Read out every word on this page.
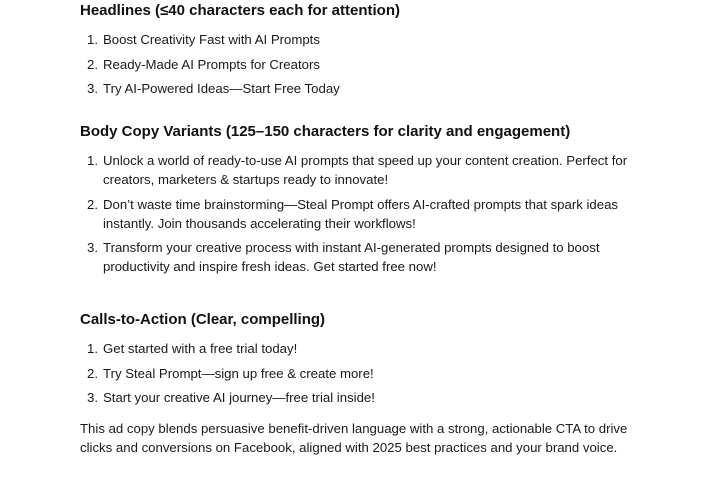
Headlines (≤40 characters each for attention)
Boost Creativity Fast with AI Prompts
Ready-Made AI Prompts for Creators
Try AI-Powered Ideas—Start Free Today
Body Copy Variants (125–150 characters for clarity and engagement)
Unlock a world of ready-to-use AI prompts that speed up your content creation. Perfect for creators, marketers & startups ready to innovate!
Don’t waste time brainstorming—Steal Prompt offers AI-crafted prompts that spark ideas instantly. Join thousands accelerating their workflows!
Transform your creative process with instant AI-generated prompts designed to boost productivity and inspire fresh ideas. Get started free now!
Calls-to-Action (Clear, compelling)
Get started with a free trial today!
Try Steal Prompt—sign up free & create more!
Start your creative AI journey—free trial inside!

This ad copy blends persuasive benefit-driven language with a strong, actionable CTA to drive clicks and conversions on Facebook, aligned with 2025 best practices and your brand voice.
